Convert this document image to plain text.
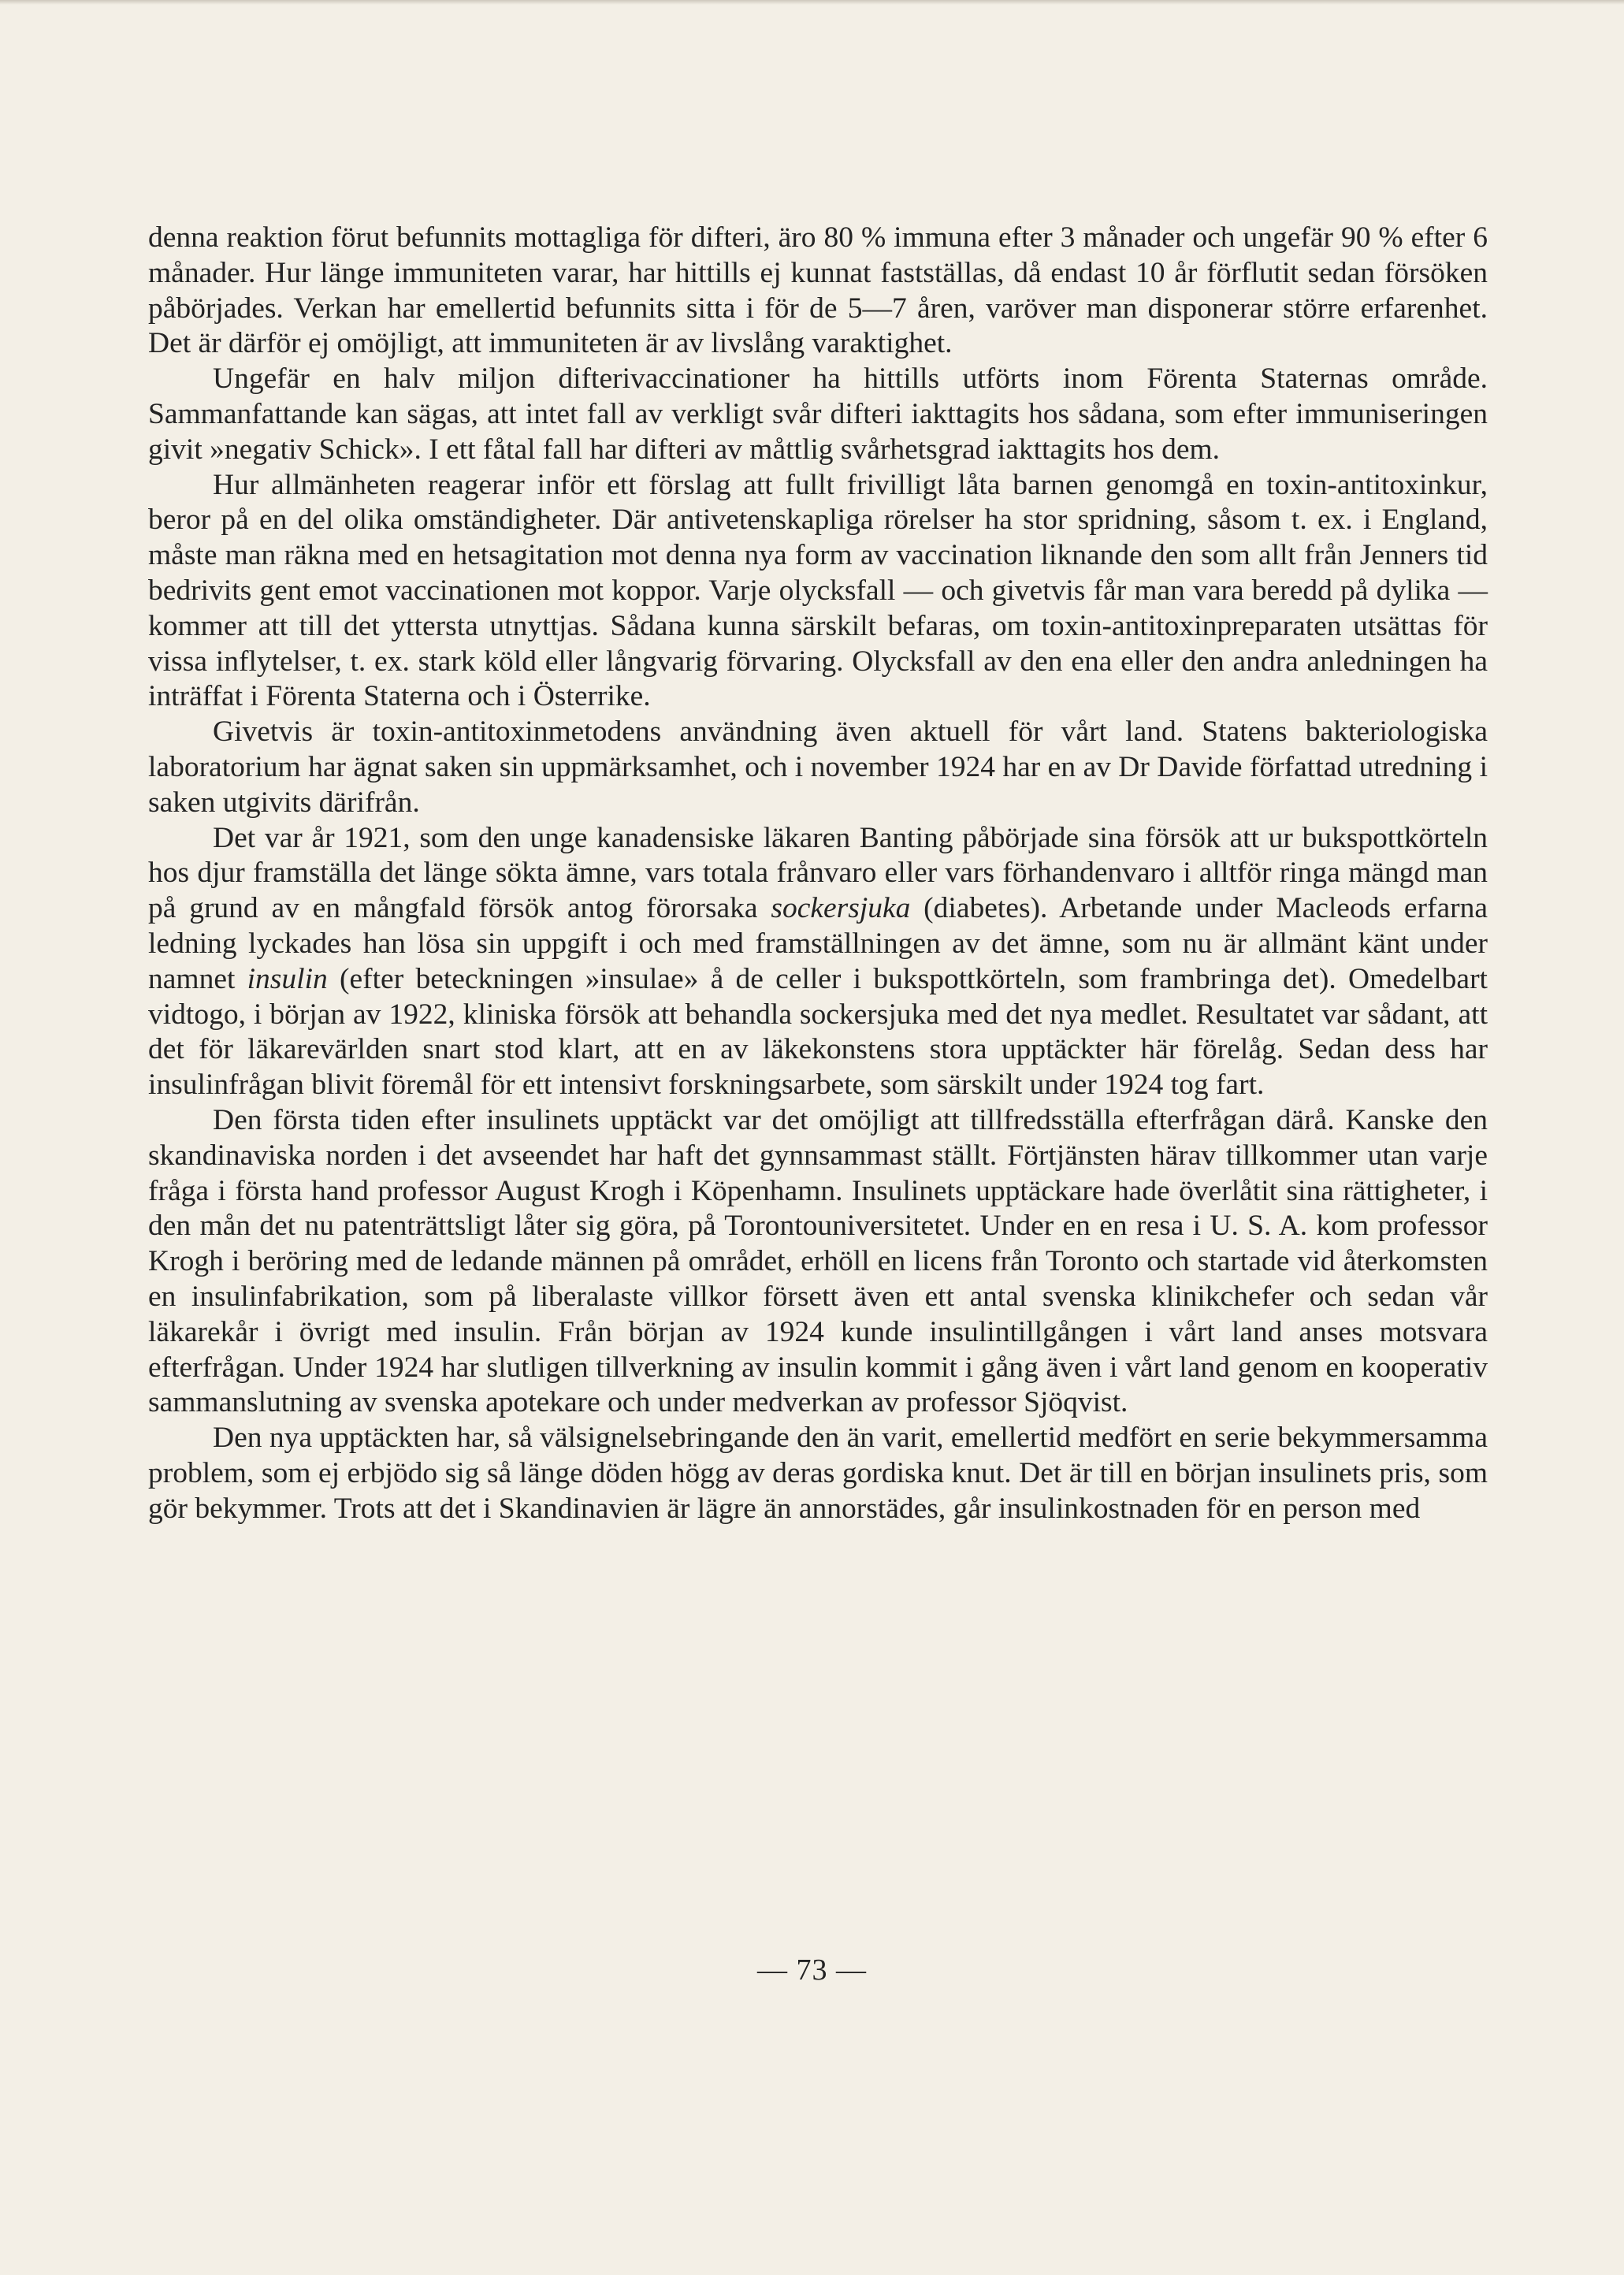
denna reaktion förut befunnits mottagliga för difteri, äro 80 % immuna efter 3 månader och ungefär 90 % efter 6 månader. Hur länge immuniteten varar, har hittills ej kunnat fastställas, då endast 10 år förflutit sedan försöken påbörjades. Verkan har emellertid befunnits sitta i för de 5—7 åren, varöver man disponerar större erfarenhet. Det är därför ej omöjligt, att immuniteten är av livslång varaktighet.

Ungefär en halv miljon difterivaccinationer ha hittills utförts inom Förenta Staternas område. Sammanfattande kan sägas, att intet fall av verkligt svår difteri iakttagits hos sådana, som efter immuniseringen givit »negativ Schick». I ett fåtal fall har difteri av måttlig svårhetsgrad iakttagits hos dem.

Hur allmänheten reagerar inför ett förslag att fullt frivilligt låta barnen genomgå en toxin-antitoxinkur, beror på en del olika omständigheter. Där antivetenskapliga rörelser ha stor spridning, såsom t. ex. i England, måste man räkna med en hetsagitation mot denna nya form av vaccination liknande den som allt från Jenners tid bedrivits gent emot vaccinationen mot koppor. Varje olycksfall — och givetvis får man vara beredd på dylika — kommer att till det yttersta utnyttjas. Sådana kunna särskilt befaras, om toxin-antitoxinpreparaten utsättas för vissa inflytelser, t. ex. stark köld eller långvarig förvaring. Olycksfall av den ena eller den andra anledningen ha inträffat i Förenta Staterna och i Österrike.

Givetvis är toxin-antitoxinmetodens användning även aktuell för vårt land. Statens bakteriologiska laboratorium har ägnat saken sin uppmärksamhet, och i november 1924 har en av Dr Davide författad utredning i saken utgivits därifrån.

Det var år 1921, som den unge kanadensiske läkaren Banting påbörjade sina försök att ur bukspottkörteln hos djur framställa det länge sökta ämne, vars totala frånvaro eller vars förhandenvaro i alltför ringa mängd man på grund av en mångfald försök antog förorsaka sockersjuka (diabetes). Arbetande under Macleods erfarna ledning lyckades han lösa sin uppgift i och med framställningen av det ämne, som nu är allmänt känt under namnet insulin (efter beteckningen »insulae» å de celler i bukspottkörteln, som frambringa det). Omedelbart vidtogo, i början av 1922, kliniska försök att behandla sockersjuka med det nya medlet. Resultatet var sådant, att det för läkarevärlden snart stod klart, att en av läkekonstens stora upptäckter här förelåg. Sedan dess har insulinfrågan blivit föremål för ett intensivt forskningsarbete, som särskilt under 1924 tog fart.

Den första tiden efter insulinets upptäckt var det omöjligt att tillfredsställa efterfrågan därå. Kanske den skandinaviska norden i det avseendet har haft det gynnsammast ställt. Förtjänsten härav tillkommer utan varje fråga i första hand professor August Krogh i Köpenhamn. Insulinets upptäckare hade överlåtit sina rättigheter, i den mån det nu patenträttsligt låter sig göra, på Torontouniversitetet. Under en en resa i U. S. A. kom professor Krogh i beröring med de ledande männen på området, erhöll en licens från Toronto och startade vid återkomsten en insulinfabrikation, som på liberalaste villkor försett även ett antal svenska klinikchefer och sedan vår läkarekår i övrigt med insulin. Från början av 1924 kunde insulintillgången i vårt land anses motsvara efterfrågan. Under 1924 har slutligen tillverkning av insulin kommit i gång även i vårt land genom en kooperativ sammanslutning av svenska apotekare och under medverkan av professor Sjöqvist.

Den nya upptäckten har, så välsignelsebringande den än varit, emellertid medfört en serie bekymmersamma problem, som ej erbjödo sig så länge döden högg av deras gordiska knut. Det är till en början insulinets pris, som gör bekymmer. Trots att det i Skandinavien är lägre än annorstädes, går insulinkostnaden för en person med

— 73 —
